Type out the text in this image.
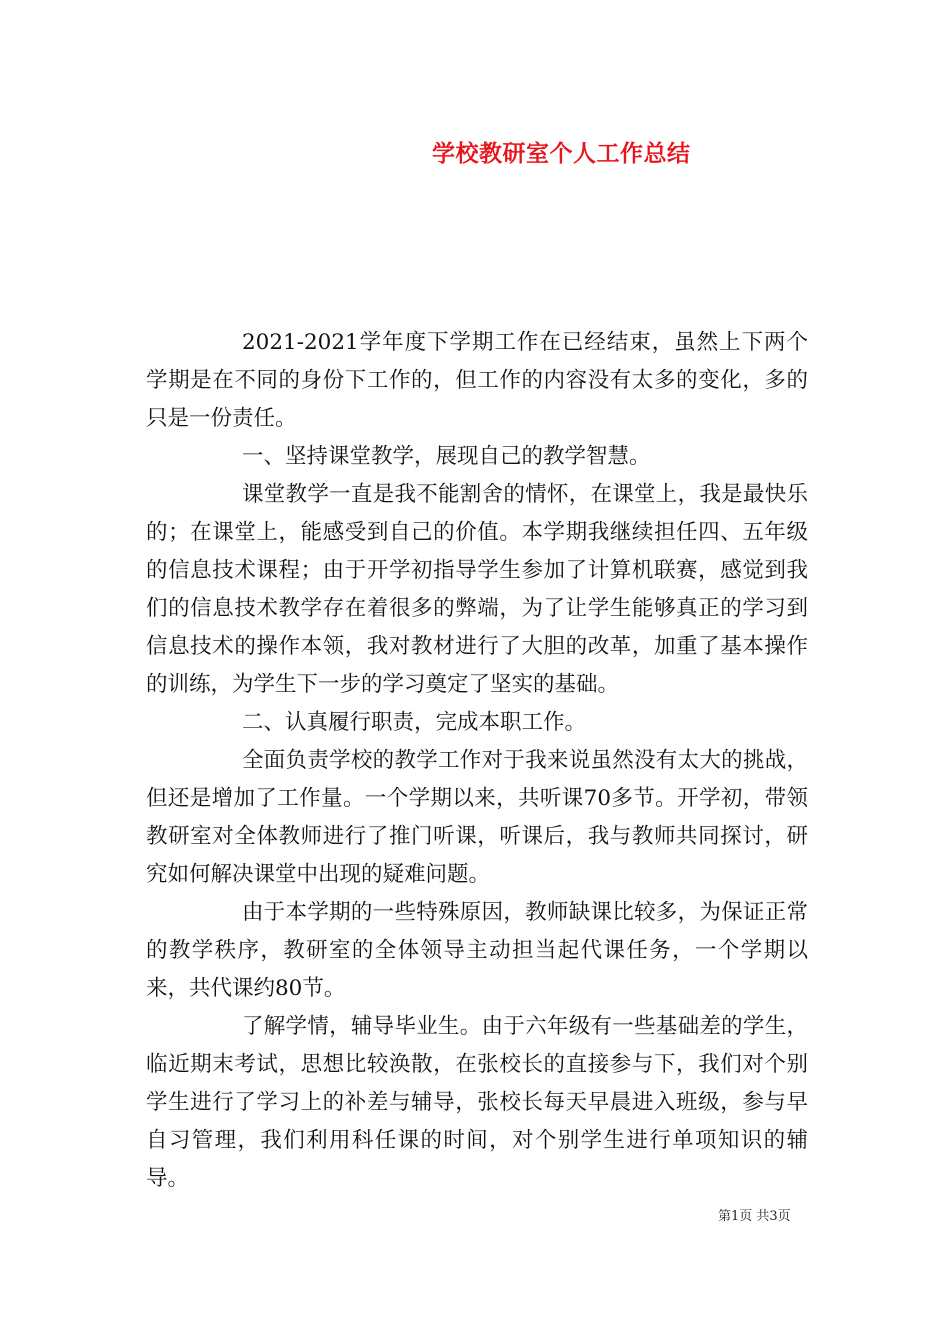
学校教研室个人工作总结

2021-2021学年度下学期工作在已经结束，虽然上下两个学期是在不同的身份下工作的，但工作的内容没有太多的变化，多的只是一份责任。

一、坚持课堂教学，展现自己的教学智慧。

课堂教学一直是我不能割舍的情怀，在课堂上，我是最快乐的；在课堂上，能感受到自己的价值。本学期我继续担任四、五年级的信息技术课程；由于开学初指导学生参加了计算机联赛，感觉到我们的信息技术教学存在着很多的弊端，为了让学生能够真正的学习到信息技术的操作本领，我对教材进行了大胆的改革，加重了基本操作的训练，为学生下一步的学习奠定了坚实的基础。

二、认真履行职责，完成本职工作。

全面负责学校的教学工作对于我来说虽然没有太大的挑战，但还是增加了工作量。一个学期以来，共听课70多节。开学初，带领教研室对全体教师进行了推门听课，听课后，我与教师共同探讨，研究如何解决课堂中出现的疑难问题。

由于本学期的一些特殊原因，教师缺课比较多，为保证正常的教学秩序，教研室的全体领导主动担当起代课任务，一个学期以来，共代课约80节。

了解学情，辅导毕业生。由于六年级有一些基础差的学生，临近期末考试，思想比较涣散，在张校长的直接参与下，我们对个别学生进行了学习上的补差与辅导，张校长每天早晨进入班级，参与早自习管理，我们利用科任课的时间，对个别学生进行单项知识的辅导。

第1页 共3页
